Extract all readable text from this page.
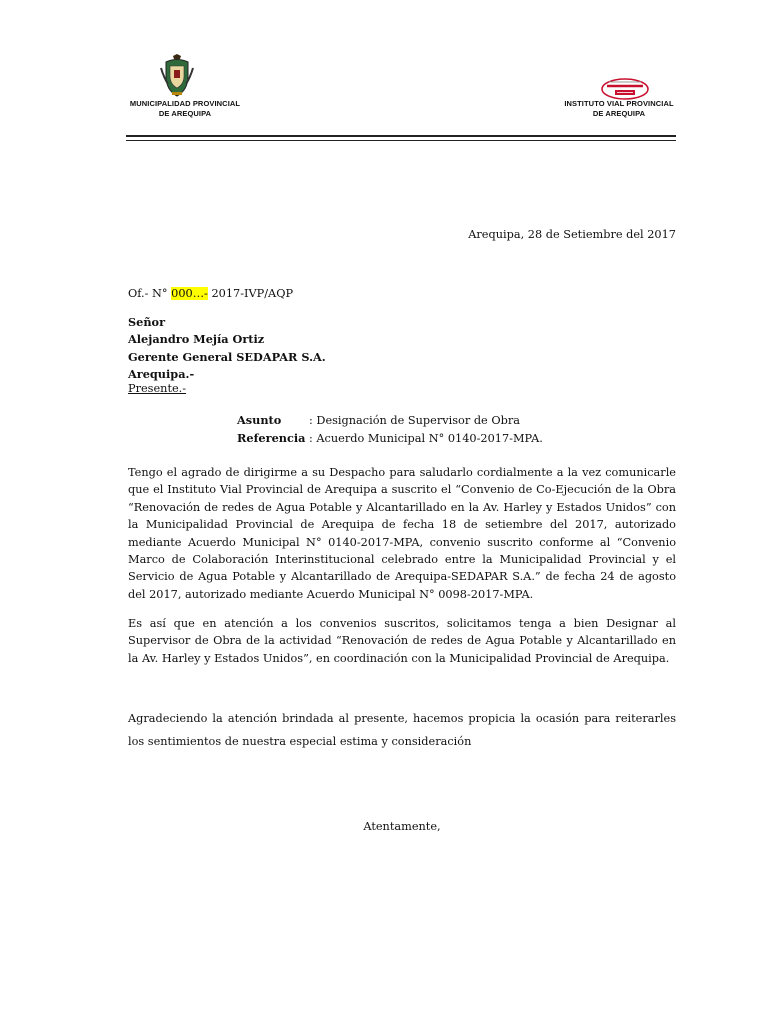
MUNICIPALIDAD PROVINCIAL
DE AREQUIPA
INSTITUTO VIAL PROVINCIAL
DE AREQUIPA
Arequipa, 28 de Setiembre del 2017
Of.- N° 000…- 2017-IVP/AQP
Señor
Alejandro Mejía Ortiz
Gerente General SEDAPAR S.A.
Arequipa.-
Presente.-
Asunto : Designación de Supervisor de Obra
Referencia : Acuerdo Municipal N° 0140-2017-MPA.
Tengo el agrado de dirigirme a su Despacho para saludarlo cordialmente a la vez comunicarle que el Instituto Vial Provincial de Arequipa a suscrito el “Convenio de Co-Ejecución de la Obra “Renovación de redes de Agua Potable y Alcantarillado en la Av. Harley y Estados Unidos” con la Municipalidad Provincial de Arequipa de fecha 18 de setiembre del 2017, autorizado mediante Acuerdo Municipal N° 0140-2017-MPA, convenio suscrito conforme al “Convenio Marco de Colaboración Interinstitucional celebrado entre la Municipalidad Provincial y el Servicio de Agua Potable y Alcantarillado de Arequipa-SEDAPAR S.A.” de fecha 24 de agosto del 2017, autorizado mediante Acuerdo Municipal N° 0098-2017-MPA.
Es así que en atención a los convenios suscritos, solicitamos tenga a bien Designar al Supervisor de Obra de la actividad “Renovación de redes de Agua Potable y Alcantarillado en la Av. Harley y Estados Unidos”, en coordinación con la Municipalidad Provincial de Arequipa.
Agradeciendo la atención brindada al presente, hacemos propicia la ocasión para reiterarles los sentimientos de nuestra especial estima y consideración
Atentamente,
